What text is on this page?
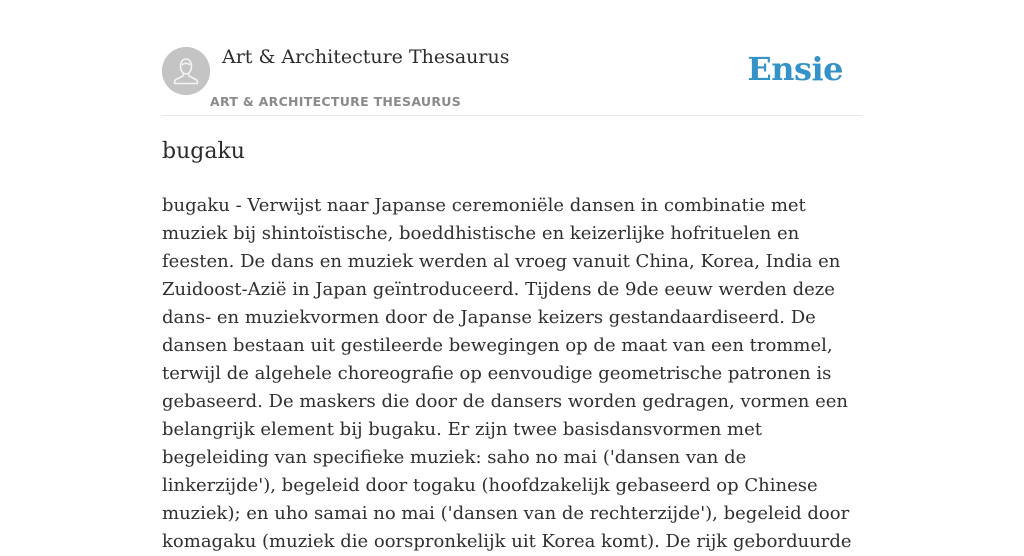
Art & Architecture Thesaurus
ART & ARCHITECTURE THESAURUS
Ensie
bugaku

bugaku - Verwijst naar Japanse ceremoniële dansen in combinatie met muziek bij shintoïstische, boeddhistische en keizerlijke hofrituelen en feesten. De dans en muziek werden al vroeg vanuit China, Korea, India en Zuidoost-Azië in Japan geïntroduceerd. Tijdens de 9de eeuw werden deze dans- en muziekvormen door de Japanse keizers gestandaardiseerd. De dansen bestaan uit gestileerde bewegingen op de maat van een trommel, terwijl de algehele choreografie op eenvoudige geometrische patronen is gebaseerd. De maskers die door de dansers worden gedragen, vormen een belangrijk element bij bugaku. Er zijn twee basisdansvormen met begeleiding van specifieke muziek: saho no mai ('dansen van de linkerzijde'), begeleid door togaku (hoofdzakelijk gebaseerd op Chinese muziek); en uho samai no mai ('dansen van de rechterzijde'), begeleid door komagaku (muziek die oorspronkelijk uit Korea komt). De rijk geborduurde
